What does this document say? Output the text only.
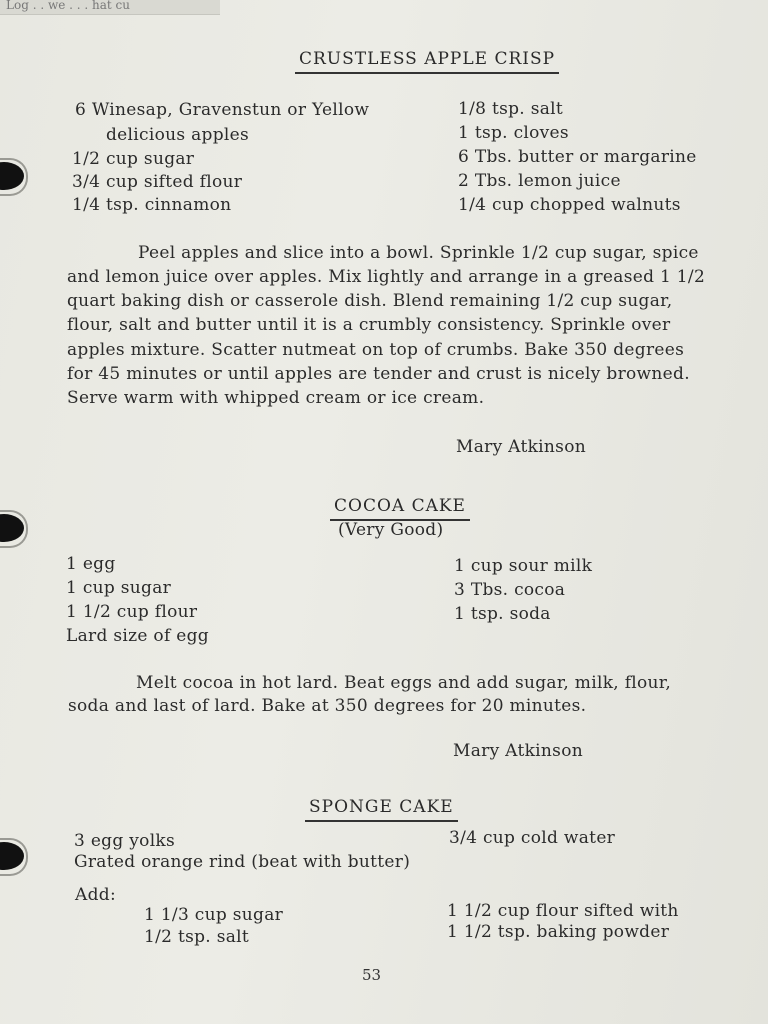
Log . . we . . . hat cu
CRUSTLESS APPLE CRISP
6 Winesap, Gravenstun or Yellow
delicious apples
1/2 cup sugar
3/4 cup sifted flour
1/4 tsp. cinnamon
1/8 tsp. salt
1 tsp. cloves
6 Tbs. butter or margarine
2 Tbs. lemon juice
1/4 cup chopped walnuts
Peel apples and slice into a bowl. Sprinkle 1/2 cup sugar, spice
and lemon juice over apples. Mix lightly and arrange in a greased 1 1/2
quart baking dish or casserole dish. Blend remaining 1/2 cup sugar,
flour, salt and butter until it is a crumbly consistency. Sprinkle over
apples mixture. Scatter nutmeat on top of crumbs. Bake 350 degrees
for 45 minutes or until apples are tender and crust is nicely browned.
Serve warm with whipped cream or ice cream.
Mary Atkinson
COCOA CAKE
(Very Good)
1 egg
1 cup sugar
1 1/2 cup flour
Lard size of egg
1 cup sour milk
3 Tbs. cocoa
1 tsp. soda
Melt cocoa in hot lard. Beat eggs and add sugar, milk, flour,
soda and last of lard. Bake at 350 degrees for 20 minutes.
Mary Atkinson
SPONGE CAKE
3 egg yolks
Grated orange rind (beat with butter)
3/4 cup cold water
Add:
1 1/3 cup sugar
1/2 tsp. salt
1 1/2 cup flour sifted with
1 1/2 tsp. baking powder
53
